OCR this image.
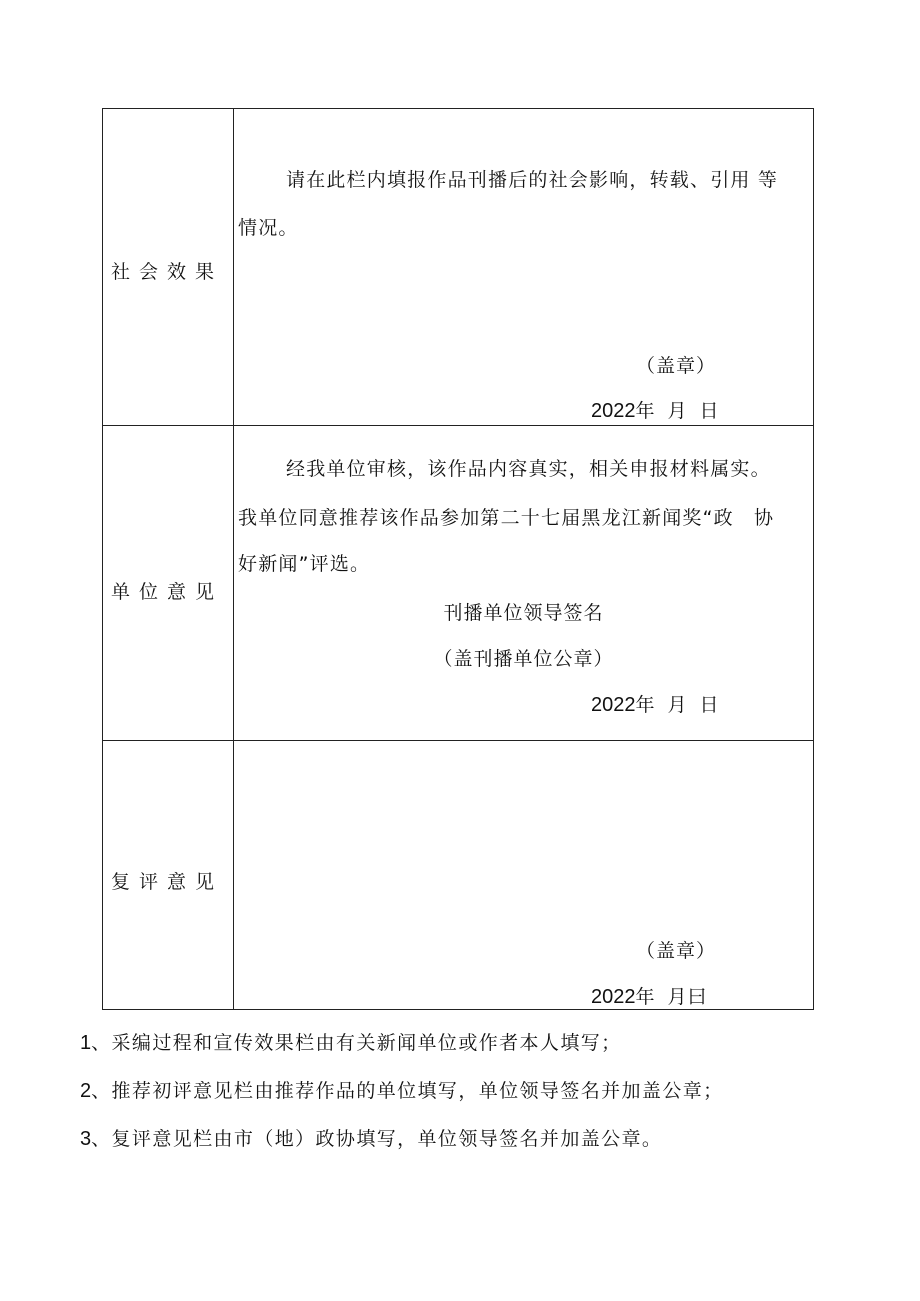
社会效果
请在此栏内填报作品刊播后的社会影响，转载、引用 等
情况。
（盖章）
2022年 月 日
单位意见
经我单位审核，该作品内容真实，相关申报材料属实。
我单位同意推荐该作品参加第二十七届黑龙江新闻奖“政　协
好新闻”评选。
刊播单位领导签名
（盖刊播单位公章）
2022年 月 日
复评意见
（盖章）
2022年 月曰
1、采编过程和宣传效果栏由有关新闻单位或作者本人填写；
2、推荐初评意见栏由推荐作品的单位填写，单位领导签名并加盖公章；
3、复评意见栏由市（地）政协填写，单位领导签名并加盖公章。
